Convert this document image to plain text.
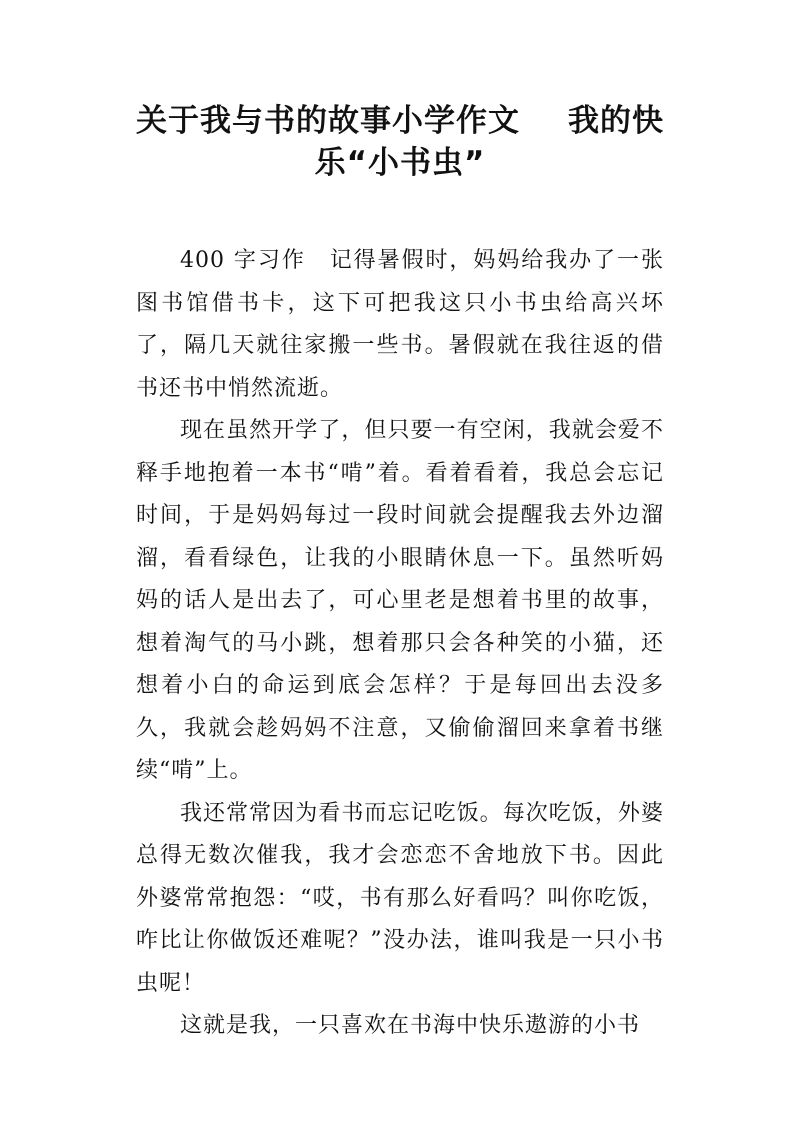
关于我与书的故事小学作文 我的快乐“小书虫”

400 字习作　记得暑假时，妈妈给我办了一张图书馆借书卡，这下可把我这只小书虫给高兴坏了，隔几天就往家搬一些书。暑假就在我往返的借书还书中悄然流逝。

现在虽然开学了，但只要一有空闲，我就会爱不释手地抱着一本书“啃”着。看着看着，我总会忘记时间，于是妈妈每过一段时间就会提醒我去外边溜溜，看看绿色，让我的小眼睛休息一下。虽然听妈妈的话人是出去了，可心里老是想着书里的故事，想着淘气的马小跳，想着那只会各种笑的小猫，还想着小白的命运到底会怎样？于是每回出去没多久，我就会趁妈妈不注意，又偷偷溜回来拿着书继续“啃”上。

我还常常因为看书而忘记吃饭。每次吃饭，外婆总得无数次催我，我才会恋恋不舍地放下书。因此外婆常常抱怨：“哎，书有那么好看吗？叫你吃饭，咋比让你做饭还难呢？”没办法，谁叫我是一只小书虫呢！

这就是我，一只喜欢在书海中快乐遨游的小书
